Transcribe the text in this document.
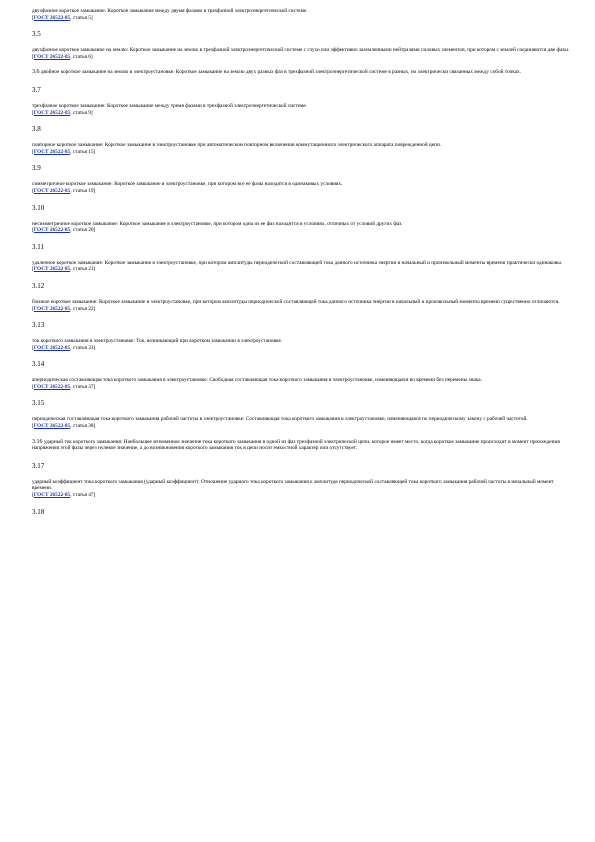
двухфазное короткое замыкание: Короткое замыкание между двумя фазами в трехфазной электроэнергетической системе.
[ГОСТ 26522-85, статья 5]
3.5
двухфазное короткое замыкание на землю: Короткое замыкание на землю в трехфазной электроэнергетической системе с глухо или эффективно заземленными нейтралями силовых элементов, при котором с землей соединяются две фазы.
[ГОСТ 26522-85, статья 6]
3.6 двойное короткое замыкание на землю в электроустановке: Короткое замыкание на землю двух разных фаз в трехфазной электроэнергетической системе в разных, но электрически связанных между собой точках.
3.7
трехфазное короткое замыкание: Короткое замыкание между тремя фазами в трехфазной электроэнергетической системе.
[ГОСТ 26522-85, статья 9]
3.8
повторное короткое замыкание: Короткое замыкание в электроустановке при автоматическом повторном включении коммутационного электрического аппарата поврежденной цепи.
[ГОСТ 26522-85, статья 15]
3.9
симметричное короткое замыкание: Короткое замыкание в электроустановке, при котором все ее фазы находятся в одинаковых условиях.
[ГОСТ 26522-85, статья 19]
3.10
несимметричное короткое замыкание: Короткое замыкание в электроустановке, при котором одна из ее фаз находится в условиях, отличных от условий других фаз.
[ГОСТ 26522-85, статья 20]
3.11
удаленное короткое замыкание: Короткое замыкание в электроустановке, при котором амплитуды периодической составляющей тока данного источника энергии в начальный и произвольный моменты времени практически одинаковы.
[ГОСТ 26522-85, статья 21]
3.12
близкое короткое замыкание: Короткое замыкание в электроустановке, при котором амплитуды периодической составляющей тока данного источника энергии в начальный и произвольный моменты времени существенно отличаются.
[ГОСТ 26522-85, статья 22]
3.13
ток короткого замыкания в электроустановке: Ток, возникающий при коротком замыкании в электроустановке.
[ГОСТ 26522-85, статья 33]
3.14
апериодическая составляющая тока короткого замыкания в электроустановке: Свободная составляющая тока короткого замыкания в электроустановке, изменяющаяся во времени без перемены знака.
[ГОСТ 26522-85, статья 37]
3.15
периодическая составляющая тока короткого замыкания рабочей частоты в электроустановке: Составляющая тока короткого замыкания в электроустановке, изменяющаяся по периодическому закону с рабочей частотой.
[ГОСТ 26522-85, статья 38]
3.16 ударный ток короткого замыкания: Наибольшее мгновенное значение тока короткого замыкания в одной из фаз трехфазной электрической цепи, которое имеет место, когда короткое замыкание происходит в момент прохождения напряжения этой фазы через нулевое значение, а до возникновения короткого замыкания ток в цепи носит емкостной характер или отсутствует.
3.17
ударный коэффициент тока короткого замыкания (ударный коэффициент): Отношение ударного тока короткого замыкания к амплитуде периодической составляющей тока короткого замыкания рабочей частоты в начальный момент времени.
[ГОСТ 26522-85, статья 47]
3.18
